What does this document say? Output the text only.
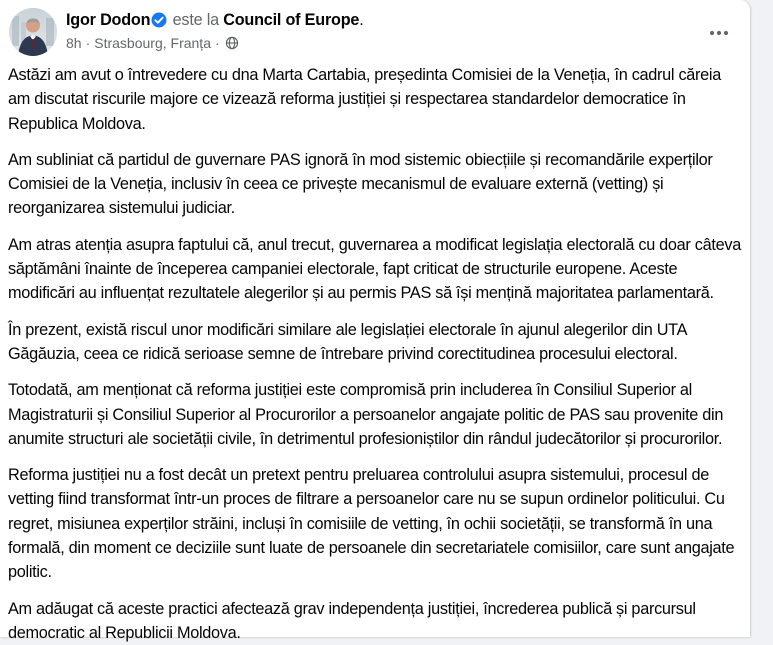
Igor Dodon este la Council of Europe.
8h · Strasbourg, Franța ·

Astăzi am avut o întrevedere cu dna Marta Cartabia, președinta Comisiei de la Veneția, în cadrul căreia am discutat riscurile majore ce vizează reforma justiției și respectarea standardelor democratice în Republica Moldova.

Am subliniat că partidul de guvernare PAS ignoră în mod sistemic obiecțiile și recomandările experților Comisiei de la Veneția, inclusiv în ceea ce privește mecanismul de evaluare externă (vetting) și reorganizarea sistemului judiciar.

Am atras atenția asupra faptului că, anul trecut, guvernarea a modificat legislația electorală cu doar câteva săptămâni înainte de începerea campaniei electorale, fapt criticat de structurile europene. Aceste modificări au influențat rezultatele alegerilor și au permis PAS să își mențină majoritatea parlamentară.

În prezent, există riscul unor modificări similare ale legislației electorale în ajunul alegerilor din UTA Găgăuzia, ceea ce ridică serioase semne de întrebare privind corectitudinea procesului electoral.

Totodată, am menționat că reforma justiției este compromisă prin includerea în Consiliul Superior al Magistraturii și Consiliul Superior al Procurorilor a persoanelor angajate politic de PAS sau provenite din anumite structuri ale societății civile, în detrimentul profesioniștilor din rândul judecătorilor și procurorilor.

Reforma justiției nu a fost decât un pretext pentru preluarea controlului asupra sistemului, procesul de vetting fiind transformat într-un proces de filtrare a persoanelor care nu se supun ordinelor politicului. Cu regret, misiunea experților străini, incluși în comisiile de vetting, în ochii societății, se transformă în una formală, din moment ce deciziile sunt luate de persoanele din secretariatele comisiilor, care sunt angajate politic.

Am adăugat că aceste practici afectează grav independența justiției, încrederea publică și parcursul democratic al Republicii Moldova.
